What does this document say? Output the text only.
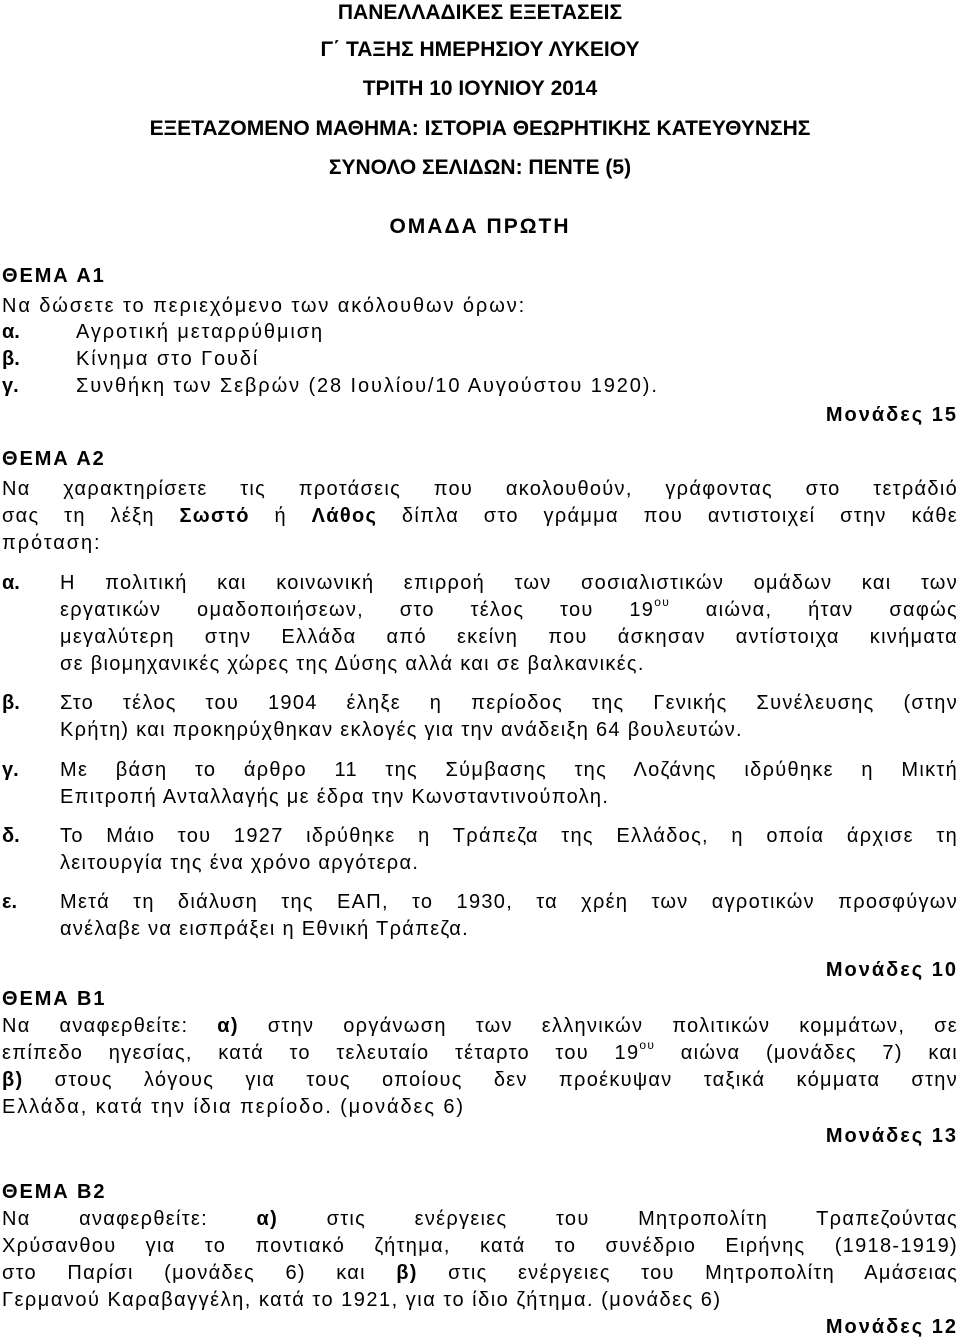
ΠΑΝΕΛΛΑΔΙΚΕΣ ΕΞΕΤΑΣΕΙΣ
Γ΄ ΤΑΞΗΣ ΗΜΕΡΗΣΙΟΥ ΛΥΚΕΙΟΥ
ΤΡΙΤΗ 10 ΙΟΥΝΙΟΥ 2014
ΕΞΕΤΑΖΟΜΕΝΟ ΜΑΘΗΜΑ: ΙΣΤΟΡΙΑ ΘΕΩΡΗΤΙΚΗΣ ΚΑΤΕΥΘΥΝΣΗΣ
ΣΥΝΟΛΟ ΣΕΛΙΔΩΝ: ΠΕΝΤΕ (5)
ΟΜΑΔΑ ΠΡΩΤΗ
ΘΕΜΑ Α1
Να δώσετε το περιεχόμενο των ακόλουθων όρων:
α.	Αγροτική μεταρρύθμιση
β.	Κίνημα στο Γουδί
γ.	Συνθήκη των Σεβρών (28 Ιουλίου/10 Αυγούστου 1920).
Μονάδες 15
ΘΕΜΑ Α2
Να χαρακτηρίσετε τις προτάσεις που ακολουθούν, γράφοντας στο τετράδιό
σας τη λέξη Σωστό ή Λάθος δίπλα στο γράμμα που αντιστοιχεί στην κάθε
πρόταση:
α. Η πολιτική και κοινωνική επιρροή των σοσιαλιστικών ομάδων και των
εργατικών ομαδοποιήσεων, στο τέλος του $19^{o\upsilon}$ αιώνα, ήταν σαφώς
μεγαλύτερη στην Ελλάδα από εκείνη που άσκησαν αντίστοιχα κινήματα
σε βιομηχανικές χώρες της Δύσης αλλά και σε βαλκανικές.
β. Στο τέλος του 1904 έληξε η περίοδος της Γενικής Συνέλευσης (στην
Κρήτη) και προκηρύχθηκαν εκλογές για την ανάδειξη 64 βουλευτών.
γ. Με βάση το άρθρο 11 της Σύμβασης της Λοζάνης ιδρύθηκε η Μικτή
Επιτροπή Ανταλλαγής με έδρα την Κωνσταντινούπολη.
δ. Το Μάιο του 1927 ιδρύθηκε η Τράπεζα της Ελλάδος, η οποία άρχισε τη
λειτουργία της ένα χρόνο αργότερα.
ε. Μετά τη διάλυση της ΕΑΠ, το 1930, τα χρέη των αγροτικών προσφύγων
ανέλαβε να εισπράξει η Εθνική Τράπεζα.
Μονάδες 10
ΘΕΜΑ Β1
Να αναφερθείτε: α) στην οργάνωση των ελληνικών πολιτικών κομμάτων, σε
επίπεδο ηγεσίας, κατά το τελευταίο τέταρτο του $19^{o\upsilon}$ αιώνα (μονάδες 7) και
β) στους λόγους για τους οποίους δεν προέκυψαν ταξικά κόμματα στην
Ελλάδα, κατά την ίδια περίοδο. (μονάδες 6)
Μονάδες 13
ΘΕΜΑ Β2
Να αναφερθείτε: α) στις ενέργειες του Μητροπολίτη Τραπεζούντας
Χρύσανθου για το ποντιακό ζήτημα, κατά το συνέδριο Ειρήνης (1918-1919)
στο Παρίσι (μονάδες 6) και β) στις ενέργειες του Μητροπολίτη Αμάσειας
Γερμανού Καραβαγγέλη, κατά το 1921, για το ίδιο ζήτημα. (μονάδες 6)
Μονάδες 12
